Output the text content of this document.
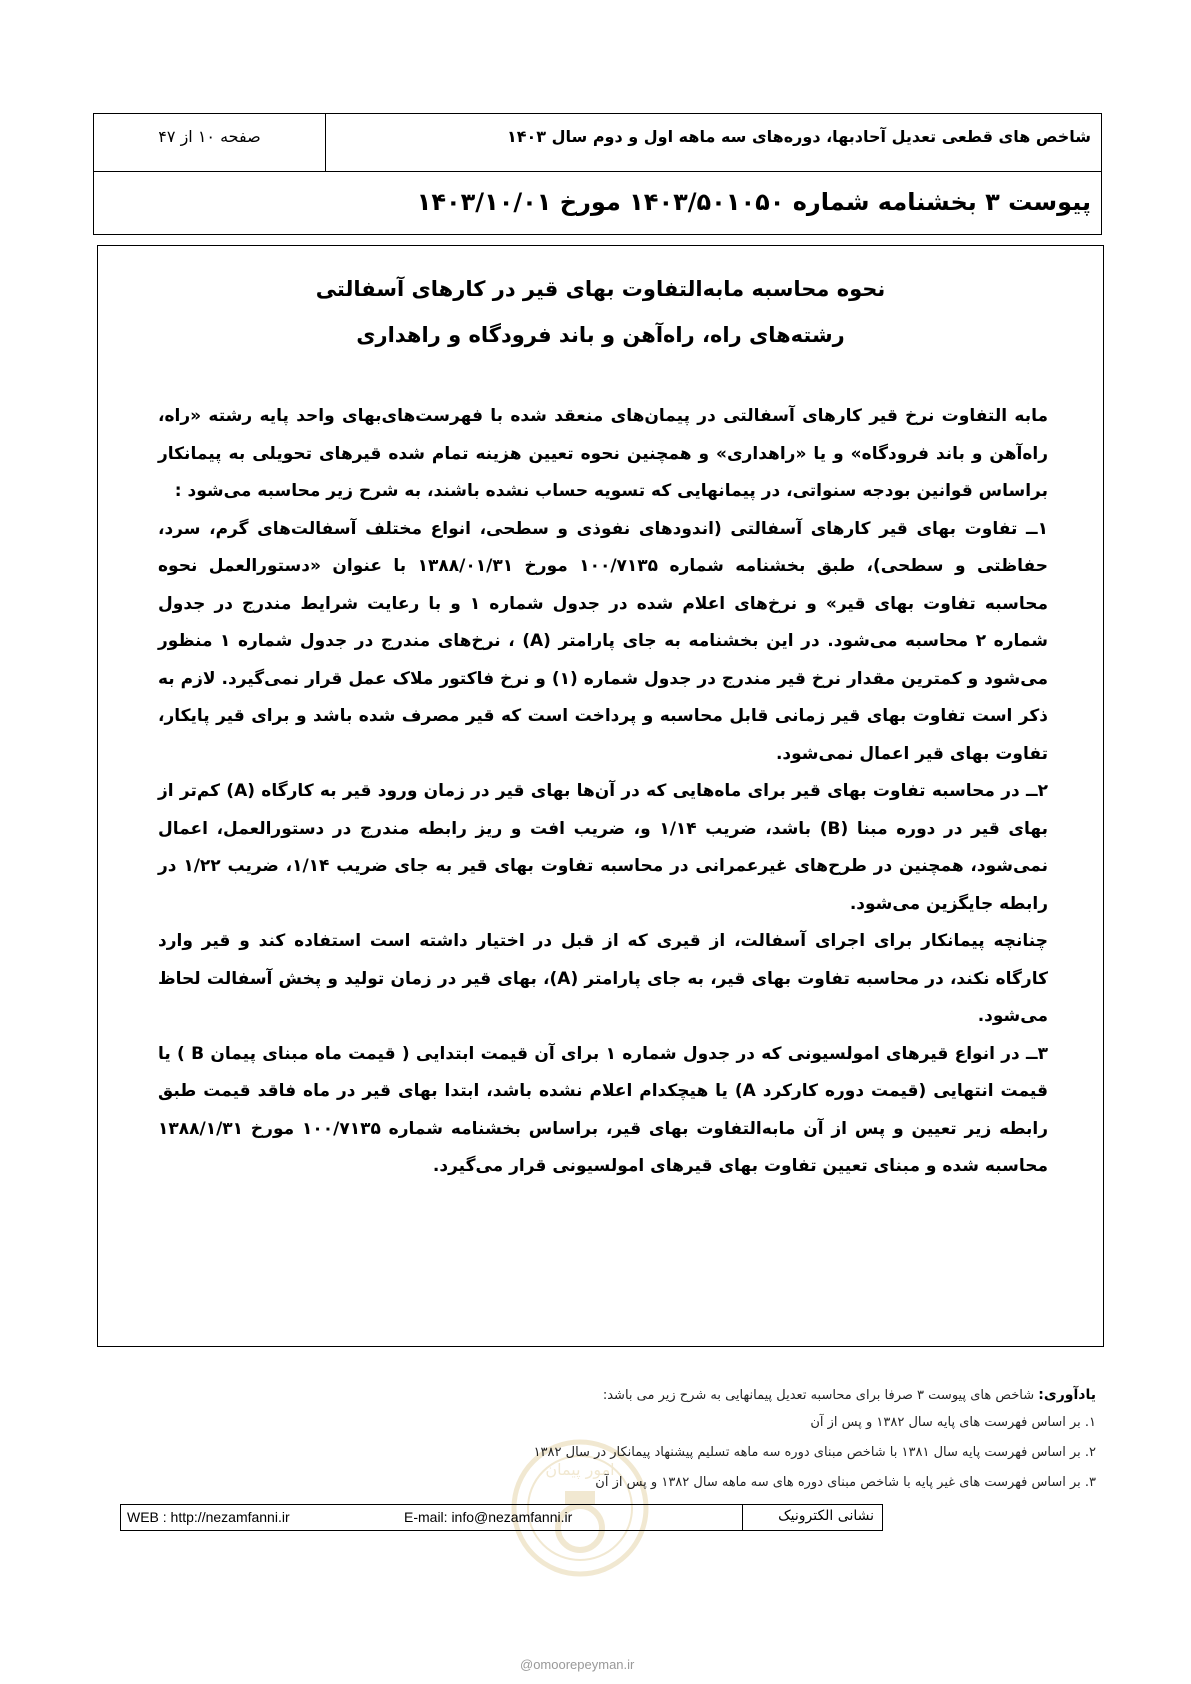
شاخص های قطعی تعدیل آحادبها، دوره‌های سه ماهه اول و دوم سال ۱۴۰۳
صفحه ۱۰ از ۴۷
پیوست ۳ بخشنامه شماره ۱۴۰۳/۵۰۱۰۵۰ مورخ ۱۴۰۳/۱۰/۰۱
نحوه محاسبه مابه‌التفاوت بهای قیر در کارهای آسفالتی
رشته‌های راه، راه‌آهن و باند فرودگاه و راهداری

مابه التفاوت نرخ قیر کارهای آسفالتی در پیمان‌های منعقد شده با فهرست‌های‌بهای واحد پایه رشته «راه، راه‌آهن و باند فرودگاه» و یا «راهداری» و همچنین نحوه تعیین هزینه تمام شده قیرهای تحویلی به پیمانکار براساس قوانین بودجه سنواتی، در پیمانهایی که تسویه حساب نشده باشند، به شرح زیر محاسبه می‌شود :

۱ــ تفاوت بهای قیر کارهای آسفالتی (اندودهای نفوذی و سطحی، انواع مختلف آسفالت‌های گرم، سرد، حفاظتی و سطحی)، طبق بخشنامه شماره ۱۰۰/۷۱۳۵ مورخ ۱۳۸۸/۰۱/۳۱ با عنوان «دستورالعمل نحوه محاسبه تفاوت بهای قیر» و نرخ‌های اعلام شده در جدول شماره ۱ و با رعایت شرایط مندرج در جدول شماره ۲ محاسبه می‌شود. در این بخشنامه به جای پارامتر (A) ، نرخ‌های مندرج در جدول شماره ۱ منظور می‌شود و کمترین مقدار نرخ قیر مندرج در جدول شماره (۱) و نرخ فاکتور ملاک عمل قرار نمی‌گیرد. لازم به ذکر است تفاوت بهای قیر زمانی قابل محاسبه و پرداخت است که قیر مصرف شده باشد و برای قیر پایکار، تفاوت بهای قیر اعمال نمی‌شود.

۲ــ در محاسبه تفاوت بهای قیر برای ماه‌هایی که در آن‌ها بهای قیر در زمان ورود قیر به کارگاه (A) کم‌تر از بهای قیر در دوره مبنا (B) باشد، ضریب ۱/۱۴ و، ضریب افت و ریز رابطه مندرج در دستورالعمل، اعمال نمی‌شود، همچنین در طرح‌های غیرعمرانی در محاسبه تفاوت بهای قیر به جای ضریب ۱/۱۴، ضریب ۱/۲۲ در رابطه جایگزین می‌شود.

چنانچه پیمانکار برای اجرای آسفالت، از قیری که از قبل در اختیار داشته است استفاده کند و قیر وارد کارگاه نکند، در محاسبه تفاوت بهای قیر، به جای پارامتر (A)، بهای قیر در زمان تولید و پخش آسفالت لحاظ می‌شود.

۳ــ در انواع قیرهای امولسیونی که در جدول شماره ۱ برای آن قیمت ابتدایی ( قیمت ماه مبنای پیمان B ) یا قیمت انتهایی (قیمت دوره کارکرد A) یا هیچکدام اعلام نشده باشد، ابتدا بهای قیر در ماه فاقد قیمت طبق رابطه زیر تعیین و پس از آن مابه‌التفاوت بهای قیر، براساس بخشنامه شماره ۱۰۰/۷۱۳۵ مورخ ۱۳۸۸/۱/۳۱ محاسبه شده و مبنای تعیین تفاوت بهای قیرهای امولسیونی قرار می‌گیرد.

امور پیمان
یادآوری: شاخص های پیوست ۳ صرفا برای محاسبه تعدیل پیمانهایی به شرح زیر می باشد:
۱. بر اساس فهرست های پایه سال ۱۳۸۲ و پس از آن
۲. بر اساس فهرست پایه سال ۱۳۸۱ با شاخص مبنای دوره سه ماهه تسلیم پیشنهاد پیمانکار در سال ۱۳۸۲
۳. بر اساس فهرست های غیر پایه با شاخص مبنای دوره های سه ماهه سال ۱۳۸۲ و پس از آن
WEB : http://nezamfanni.ir	E-mail: info@nezamfanni.ir	نشانی الکترونیک
@omoorepeyman.ir
